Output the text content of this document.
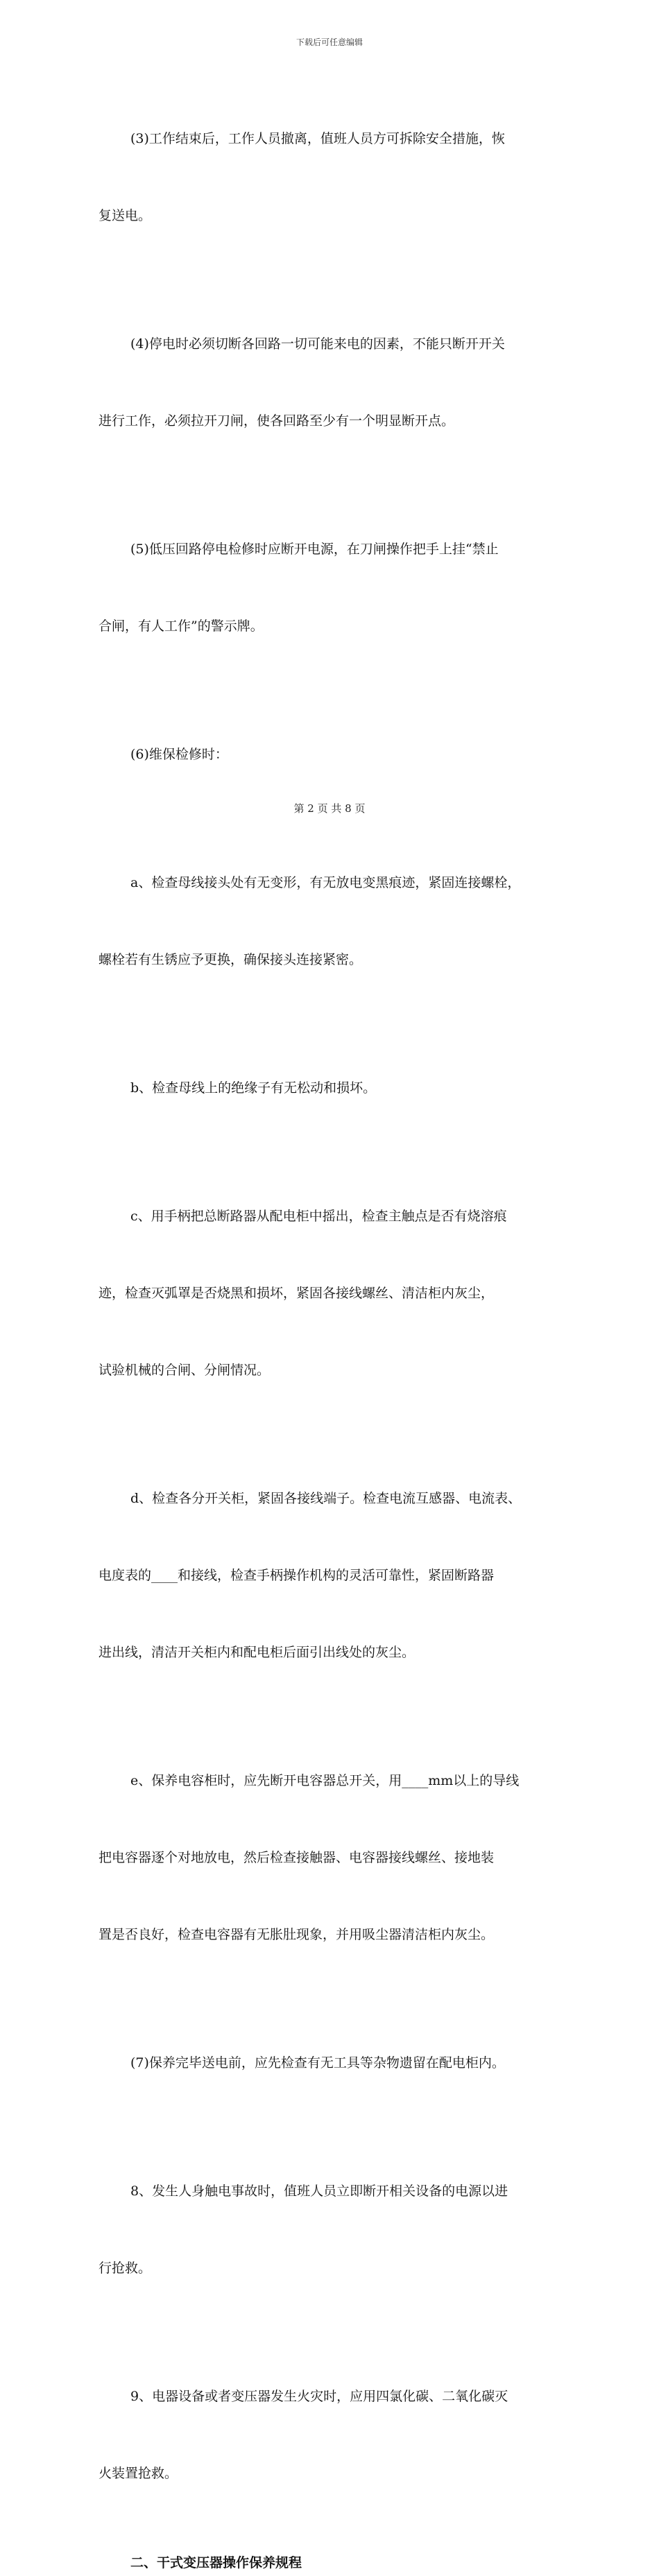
下载后可任意编辑

(3)工作结束后，工作人员撤离，值班人员方可拆除安全措施，恢

复送电。

(4)停电时必须切断各回路一切可能来电的因素，不能只断开开关

进行工作，必须拉开刀闸，使各回路至少有一个明显断开点。

(5)低压回路停电检修时应断开电源，在刀闸操作把手上挂“禁止

合闸，有人工作”的警示牌。

(6)维保检修时：

a、检查母线接头处有无变形，有无放电变黑痕迹，紧固连接螺栓，

螺栓若有生锈应予更换，确保接头连接紧密。

b、检查母线上的绝缘子有无松动和损坏。

c、用手柄把总断路器从配电柜中摇出，检查主触点是否有烧溶痕

迹，检查灭弧罩是否烧黑和损坏，紧固各接线螺丝、清洁柜内灰尘，

试验机械的合闸、分闸情况。

d、检查各分开关柜，紧固各接线端子。检查电流互感器、电流表、

电度表的____和接线，检查手柄操作机构的灵活可靠性，紧固断路器

进出线，清洁开关柜内和配电柜后面引出线处的灰尘。

e、保养电容柜时，应先断开电容器总开关，用____mm以上的导线

把电容器逐个对地放电，然后检查接触器、电容器接线螺丝、接地装

置是否良好，检查电容器有无胀肚现象，并用吸尘器清洁柜内灰尘。

(7)保养完毕送电前，应先检查有无工具等杂物遗留在配电柜内。

8、发生人身触电事故时，值班人员立即断开相关设备的电源以进

行抢救。

9、电器设备或者变压器发生火灾时，应用四氯化碳、二氧化碳灭

火装置抢救。

二、干式变压器操作保养规程
第 2 页 共 8 页
